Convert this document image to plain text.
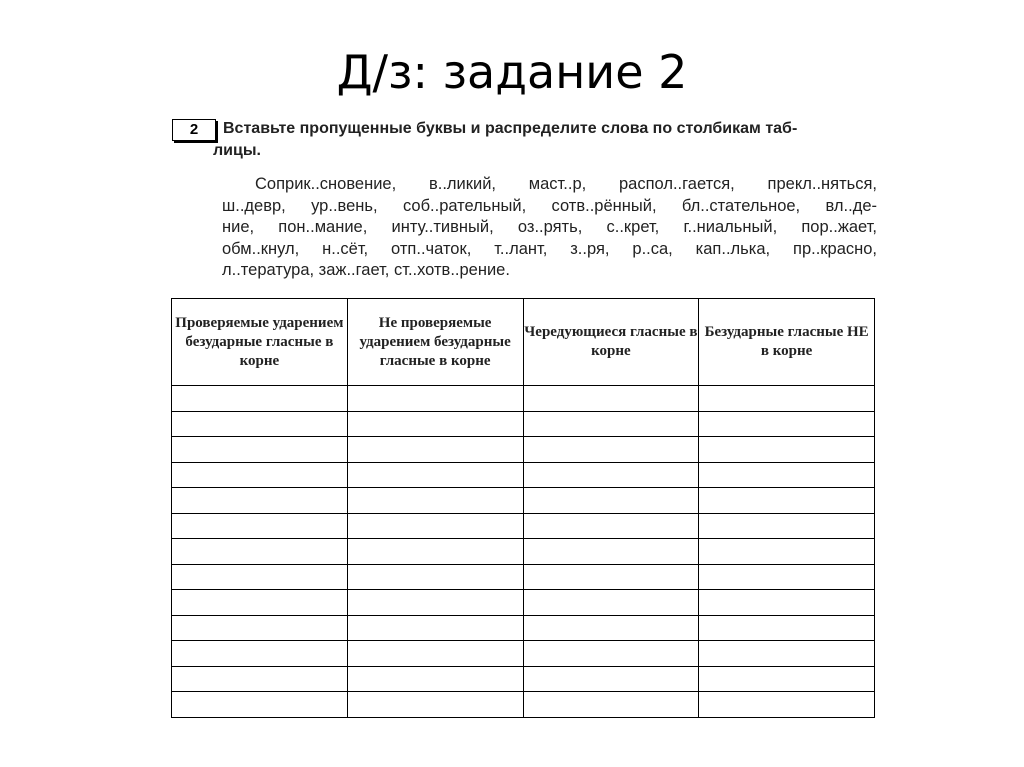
Д/з: задание 2
2	Вставьте пропущенные буквы и распределите слова по столбикам таб-
лицы.
Соприк..сновение, в..ликий, маст..р, распол..гается, прекл..няться,
ш..девр, ур..вень, соб..рательный, сотв..рённый, бл..стательное, вл..де-
ние, пон..мание, инту..тивный, оз..рять, с..крет, г..ниальный, пор..жает,
обм..кнул, н..сёт, отп..чаток, т..лант, з..ря, р..са, кап..лька, пр..красно,
л..тература, заж..гает, ст..хотв..рение.
Проверяемые ударением безударные гласные в корне	Не проверяемые ударением безударные гласные в корне	Чередующиеся гласные в корне	Безударные гласные НЕ в корне
